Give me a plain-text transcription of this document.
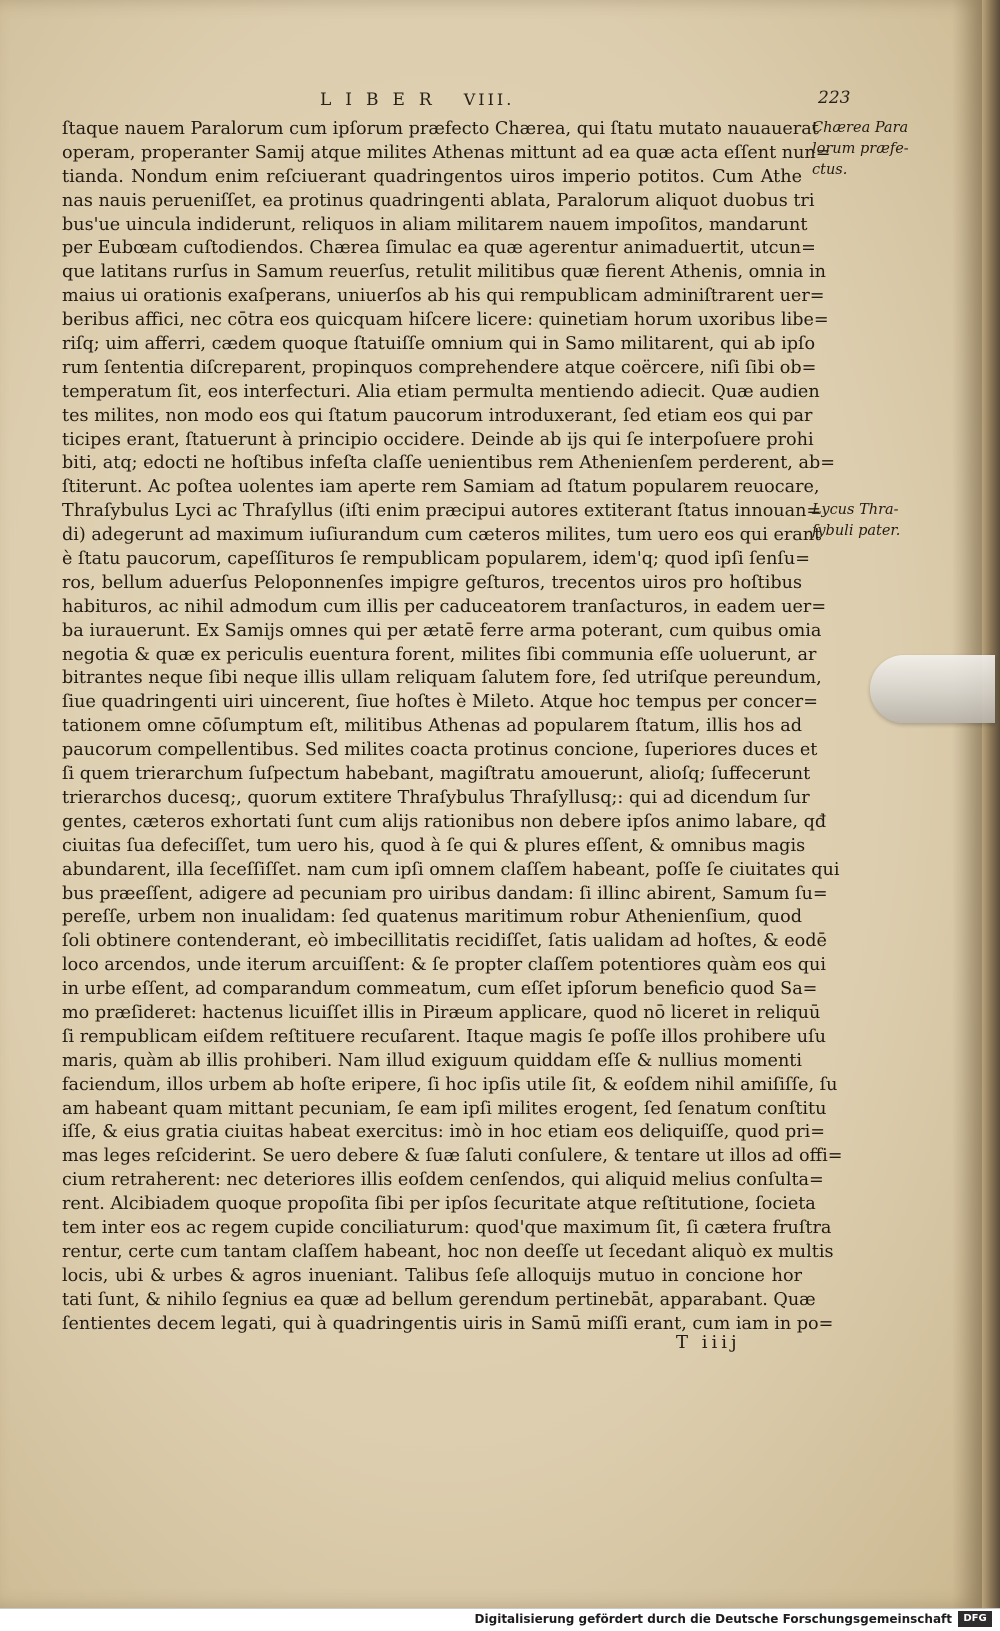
LIBER VIII.	223
ſtaque nauem Paralorum cum ipſorum præfecto Chærea, qui ſtatu mutato nauauerat
operam, properanter Samij atque milites Athenas mittunt ad ea quæ acta eſſent nun=
tianda. Nondum enim reſciuerant quadringentos uiros imperio potitos. Cum Athe
nas nauis perueniſſet, ea protinus quadringenti ablata, Paralorum aliquot duobus tri
bus'ue uincula indiderunt, reliquos in aliam militarem nauem impoſitos, mandarunt
per Eubœam cuſtodiendos. Chærea ſimulac ea quæ agerentur animaduertit, utcun=
que latitans rurſus in Samum reuerſus, retulit militibus quæ fierent Athenis, omnia in
maius ui orationis exaſperans, uniuerſos ab his qui rempublicam adminiſtrarent uer=
beribus affici, nec cōtra eos quicquam hiſcere licere: quinetiam horum uxoribus libe=
riſq; uim afferri, cædem quoque ſtatuiſſe omnium qui in Samo militarent, qui ab ipſo
rum ſententia diſcreparent, propinquos comprehendere atque coërcere, niſi ſibi ob=
temperatum ſit, eos interfecturi. Alia etiam permulta mentiendo adiecit. Quæ audien
tes milites, non modo eos qui ſtatum paucorum introduxerant, ſed etiam eos qui par
ticipes erant, ſtatuerunt à principio occidere. Deinde ab ijs qui ſe interpoſuere prohi
biti, atq; edocti ne hoſtibus infeſta claſſe uenientibus rem Athenienſem perderent, ab=
ſtiterunt. Ac poſtea uolentes iam aperte rem Samiam ad ſtatum popularem reuocare,
Thraſybulus Lyci ac Thraſyllus (iſti enim præcipui autores extiterant ſtatus innouan=
di) adegerunt ad maximum iuſiurandum cum cæteros milites, tum uero eos qui erant
è ſtatu paucorum, capeſſituros ſe rempublicam popularem, idem'q; quod ipſi ſenſu=
ros, bellum aduerſus Peloponnenſes impigre geſturos, trecentos uiros pro hoſtibus
habituros, ac nihil admodum cum illis per caduceatorem tranſacturos, in eadem uer=
ba iurauerunt. Ex Samijs omnes qui per ætatē ferre arma poterant, cum quibus omia
negotia & quæ ex periculis euentura forent, milites ſibi communia eſſe uoluerunt, ar
bitrantes neque ſibi neque illis ullam reliquam ſalutem fore, ſed utriſque pereundum,
ſiue quadringenti uiri uincerent, ſiue hoſtes è Mileto. Atque hoc tempus per concer=
tationem omne cōſumptum eſt, militibus Athenas ad popularem ſtatum, illis hos ad
paucorum compellentibus. Sed milites coacta protinus concione, ſuperiores duces et
ſi quem trierarchum ſuſpectum habebant, magiſtratu amouerunt, alioſq; ſuffecerunt
trierarchos ducesq;, quorum extitere Thraſybulus Thraſyllusq;: qui ad dicendum ſur
gentes, cæteros exhortati ſunt cum alijs rationibus non debere ipſos animo labare, qđ
ciuitas ſua defeciſſet, tum uero his, quod à ſe qui & plures eſſent, & omnibus magis
abundarent, illa ſeceſſiſſet. nam cum ipſi omnem claſſem habeant, poſſe ſe ciuitates qui
bus præeſſent, adigere ad pecuniam pro uiribus dandam: ſi illinc abirent, Samum ſu=
pereſſe, urbem non inualidam: ſed quatenus maritimum robur Athenienſium, quod
ſoli obtinere contenderant, eò imbecillitatis recidiſſet, ſatis ualidam ad hoſtes, & eodē
loco arcendos, unde iterum arcuiſſent: & ſe propter claſſem potentiores quàm eos qui
in urbe eſſent, ad comparandum commeatum, cum eſſet ipſorum beneficio quod Sa=
mo præſideret: hactenus licuiſſet illis in Piræum applicare, quod nō liceret in reliquū
ſi rempublicam eiſdem reſtituere recuſarent. Itaque magis ſe poſſe illos prohibere uſu
maris, quàm ab illis prohiberi. Nam illud exiguum quiddam eſſe & nullius momenti
faciendum, illos urbem ab hoſte eripere, ſi hoc ipſis utile ſit, & eoſdem nihil amiſiſſe, ſu
am habeant quam mittant pecuniam, ſe eam ipſi milites erogent, ſed ſenatum conſtitu
iſſe, & eius gratia ciuitas habeat exercitus: imò in hoc etiam eos deliquiſſe, quod pri=
mas leges reſciderint. Se uero debere & ſuæ ſaluti conſulere, & tentare ut illos ad offi=
cium retraherent: nec deteriores illis eoſdem cenſendos, qui aliquid melius conſulta=
rent. Alcibiadem quoque propoſita ſibi per ipſos ſecuritate atque reſtitutione, ſocieta
tem inter eos ac regem cupide conciliaturum: quod'que maximum ſit, ſi cætera fruſtra
rentur, certe cum tantam claſſem habeant, hoc non deeſſe ut ſecedant aliquò ex multis
locis, ubi & urbes & agros inueniant. Talibus ſeſe alloquijs mutuo in concione hor
tati ſunt, & nihilo ſegnius ea quæ ad bellum gerendum pertinebāt, apparabant. Quæ
ſentientes decem legati, qui à quadringentis uiris in Samū miſſi erant, cum iam in po=
Chærea Para
lorum præfe-
ctus.
Lycus Thra-
ſybuli pater.
T iiij
Digitalisierung gefördert durch die Deutsche Forschungsgemeinschaft	DFG
